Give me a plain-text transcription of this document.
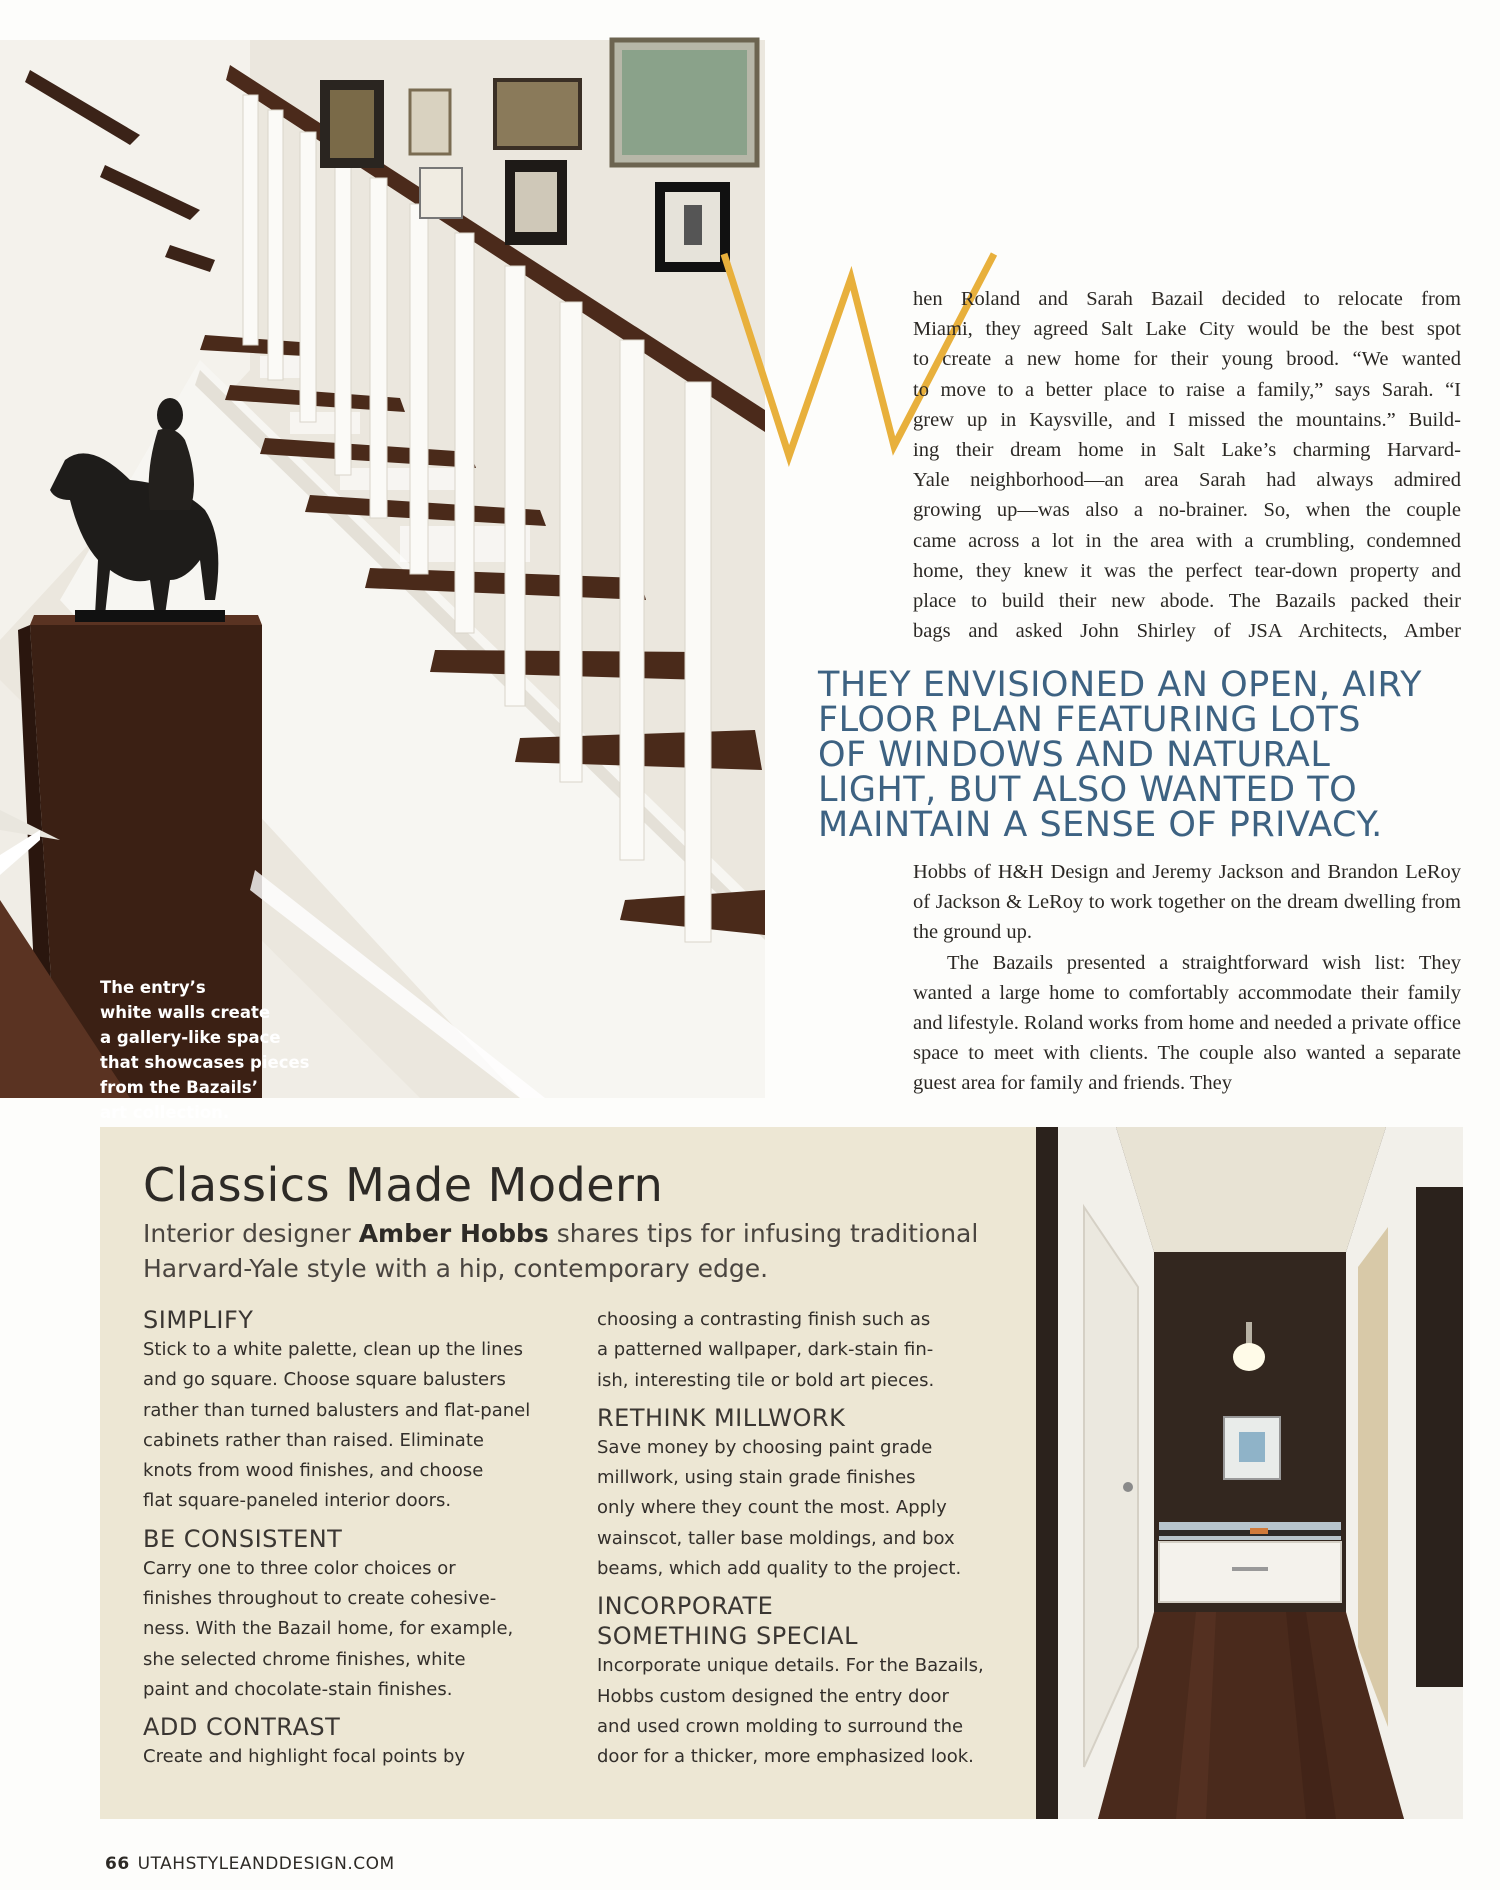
The entry’s
white walls create
a gallery-like space
that showcases pieces
from the Bazails’
art collection.
W
hen Roland and Sarah Bazail decided to relocate from
Miami, they agreed Salt Lake City would be the best spot
to create a new home for their young brood. “We wanted
to move to a better place to raise a family,” says Sarah. “I
grew up in Kaysville, and I missed the mountains.” Build-
ing their dream home in Salt Lake’s charming Harvard-
Yale neighborhood—an area Sarah had always admired
growing up—was also a no-brainer. So, when the couple
came across a lot in the area with a crumbling, condemned
home, they knew it was the perfect tear-down property and
place to build their new abode. The Bazails packed their
bags and asked John Shirley of JSA Architects, Amber
THEY ENVISIONED AN OPEN, AIRY
FLOOR PLAN FEATURING LOTS
OF WINDOWS AND NATURAL
LIGHT, BUT ALSO WANTED TO
MAINTAIN A SENSE OF PRIVACY.

Hobbs of H&H Design and Jeremy Jackson and Brandon LeRoy of Jackson & LeRoy to work together on the dream dwelling from the ground up.

The Bazails presented a straightforward wish list: They wanted a large home to comfortably accommodate their family and lifestyle. Roland works from home and needed a private office space to meet with clients. The couple also wanted a separate guest area for family and friends. They

Classics Made Modern
Interior designer Amber Hobbs shares tips for infusing traditional Harvard-Yale style with a hip, contemporary edge.
SIMPLIFY
Stick to a white palette, clean up the lines
and go square. Choose square balusters
rather than turned balusters and flat-panel
cabinets rather than raised. Eliminate
knots from wood finishes, and choose
flat square-paneled interior doors.
BE CONSISTENT
Carry one to three color choices or
finishes throughout to create cohesive-
ness. With the Bazail home, for example,
she selected chrome finishes, white
paint and chocolate-stain finishes.
ADD CONTRAST
Create and highlight focal points by
choosing a contrasting finish such as
a patterned wallpaper, dark-stain fin-
ish, interesting tile or bold art pieces.
RETHINK MILLWORK
Save money by choosing paint grade
millwork, using stain grade finishes
only where they count the most. Apply
wainscot, taller base moldings, and box
beams, which add quality to the project.
INCORPORATE
SOMETHING SPECIAL
Incorporate unique details. For the Bazails,
Hobbs custom designed the entry door
and used crown molding to surround the
door for a thicker, more emphasized look.
66 UTAHSTYLEANDDESIGN.COM
